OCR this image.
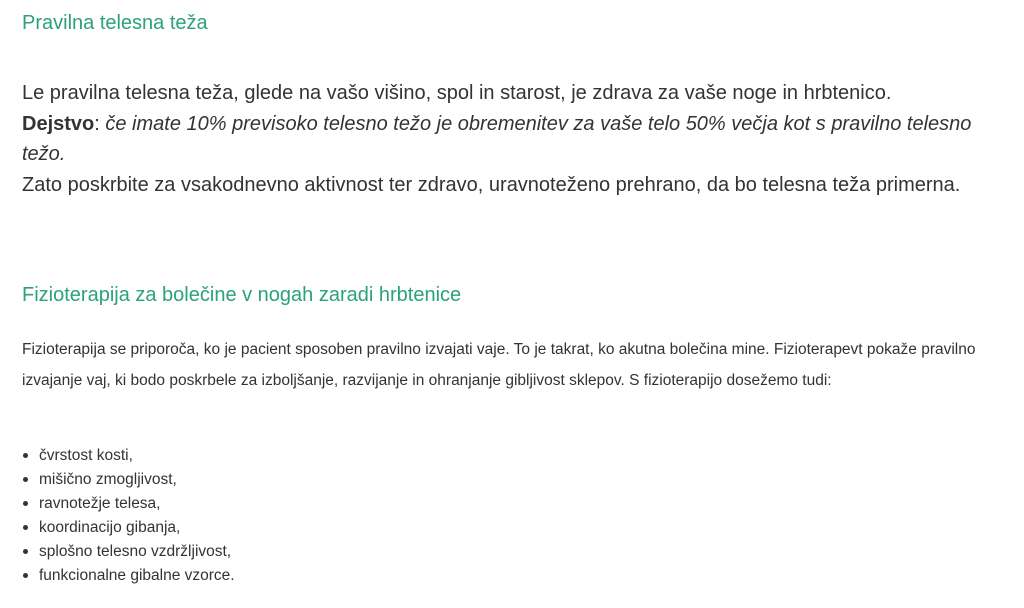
Pravilna telesna teža

Le pravilna telesna teža, glede na vašo višino, spol in starost, je zdrava za vaše noge in hrbtenico.
Dejstvo: če imate 10% previsoko telesno težo je obremenitev za vaše telo 50% večja kot s pravilno telesno težo.
Zato poskrbite za vsakodnevno aktivnost ter zdravo, uravnoteženo prehrano, da bo telesna teža primerna.

Fizioterapija za bolečine v nogah zaradi hrbtenice

Fizioterapija se priporoča, ko je pacient sposoben pravilno izvajati vaje. To je takrat, ko akutna bolečina mine. Fizioterapevt pokaže pravilno izvajanje vaj, ki bodo poskrbele za izboljšanje, razvijanje in ohranjanje gibljivost sklepov. S fizioterapijo dosežemo tudi:

čvrstost kosti,
mišično zmogljivost,
ravnotežje telesa,
koordinacijo gibanja,
splošno telesno vzdržljivost,
funkcionalne gibalne vzorce.
